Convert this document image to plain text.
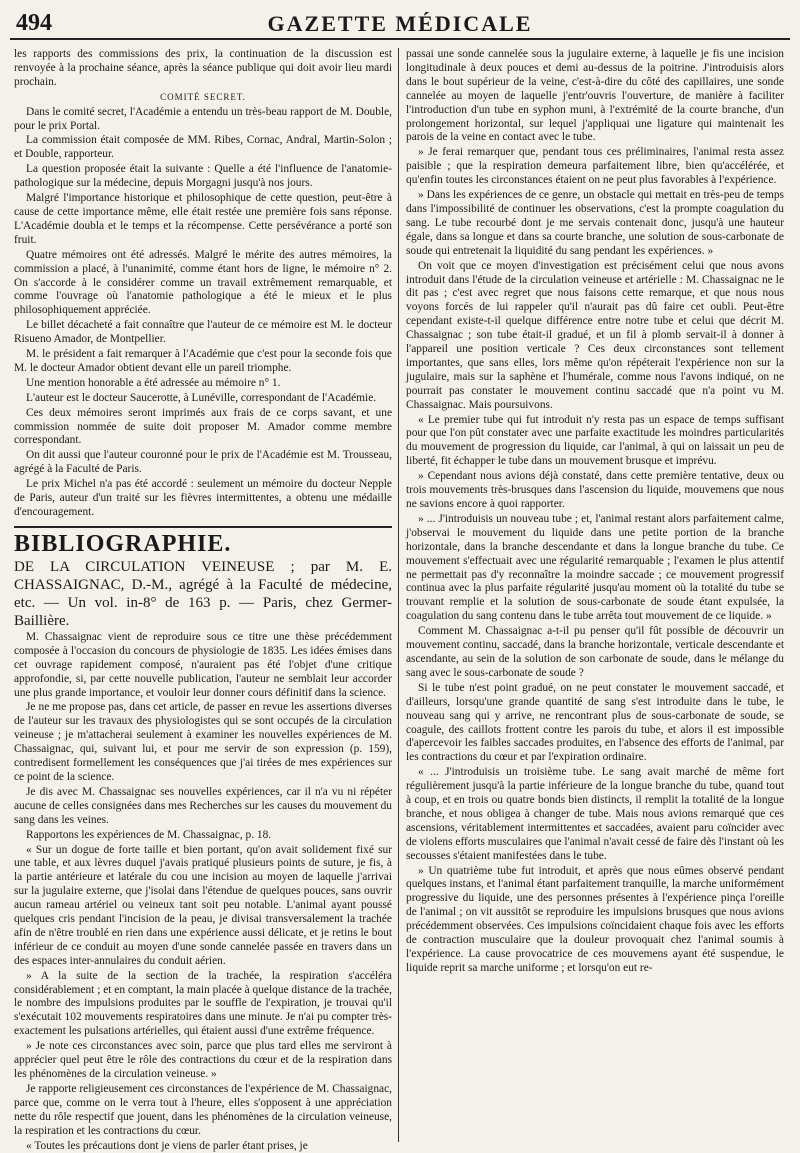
494	GAZETTE MÉDICALE

les rapports des commissions des prix, la continuation de la discussion est renvoyée à la prochaine séance, après la séance publique qui doit avoir lieu mardi prochain.

COMITÉ SECRET.

Dans le comité secret, l'Académie a entendu un très-beau rapport de M. Double, pour le prix Portal.

La commission était composée de MM. Ribes, Cornac, Andral, Martin-Solon ; et Double, rapporteur.

La question proposée était la suivante : Quelle a été l'influence de l'anatomie-pathologique sur la médecine, depuis Morgagni jusqu'à nos jours.

Malgré l'importance historique et philosophique de cette question, peut-être à cause de cette importance même, elle était restée une première fois sans réponse. L'Académie doubla et le temps et la récompense. Cette persévérance a porté son fruit.

Quatre mémoires ont été adressés. Malgré le mérite des autres mémoires, la commission a placé, à l'unanimité, comme étant hors de ligne, le mémoire n° 2. On s'accorde à le considérer comme un travail extrêmement remarquable, et comme l'ouvrage où l'anatomie pathologique a été le mieux et le plus philosophiquement appréciée.

Le billet décacheté a fait connaître que l'auteur de ce mémoire est M. le docteur Risueno Amador, de Montpellier.

M. le président a fait remarquer à l'Académie que c'est pour la seconde fois que M. le docteur Amador obtient devant elle un pareil triomphe.

Une mention honorable a été adressée au mémoire n° 1.

L'auteur est le docteur Saucerotte, à Lunéville, correspondant de l'Académie.

Ces deux mémoires seront imprimés aux frais de ce corps savant, et une commission nommée de suite doit proposer M. Amador comme membre correspondant.

On dit aussi que l'auteur couronné pour le prix de l'Académie est M. Trousseau, agrégé à la Faculté de Paris.

Le prix Michel n'a pas été accordé : seulement un mémoire du docteur Nepple de Paris, auteur d'un traité sur les fièvres intermittentes, a obtenu une médaille d'encouragement.

BIBLIOGRAPHIE.

DE LA CIRCULATION VEINEUSE ; par M. E. CHASSAIGNAC, D.-M., agrégé à la Faculté de médecine, etc. — Un vol. in-8° de 163 p. — Paris, chez Germer-Baillière.

M. Chassaignac vient de reproduire sous ce titre une thèse précédemment composée à l'occasion du concours de physiologie de 1835. Les idées émises dans cet ouvrage rapidement composé, n'auraient pas été l'objet d'une critique approfondie, si, par cette nouvelle publication, l'auteur ne semblait leur accorder une plus grande importance, et vouloir leur donner cours définitif dans la science.

Je ne me propose pas, dans cet article, de passer en revue les assertions diverses de l'auteur sur les travaux des physiologistes qui se sont occupés de la circulation veineuse ; je m'attacherai seulement à examiner les nouvelles expériences de M. Chassaignac, qui, suivant lui, et pour me servir de son expression (p. 159), contredisent formellement les conséquences que j'ai tirées de mes expériences sur ce point de la science.

Je dis avec M. Chassaignac ses nouvelles expériences, car il n'a vu ni répéter aucune de celles consignées dans mes Recherches sur les causes du mouvement du sang dans les veines.

Rapportons les expériences de M. Chassaignac, p. 18.

« Sur un dogue de forte taille et bien portant, qu'on avait solidement fixé sur une table, et aux lèvres duquel j'avais pratiqué plusieurs points de suture, je fis, à la partie antérieure et latérale du cou une incision au moyen de laquelle j'arrivai sur la jugulaire externe, que j'isolai dans l'étendue de quelques pouces, sans ouvrir aucun rameau artériel ou veineux tant soit peu notable. L'animal ayant poussé quelques cris pendant l'incision de la peau, je divisai transversalement la trachée afin de n'être troublé en rien dans une expérience aussi délicate, et je retins le bout inférieur de ce conduit au moyen d'une sonde cannelée passée en travers dans un des espaces inter-annulaires du conduit aérien.

» A la suite de la section de la trachée, la respiration s'accéléra considérablement ; et en comptant, la main placée à quelque distance de la trachée, le nombre des impulsions produites par le souffle de l'expiration, je trouvai qu'il s'exécutait 102 mouvements respiratoires dans une minute. Je n'ai pu compter très-exactement les pulsations artérielles, qui étaient aussi d'une extrême fréquence.

» Je note ces circonstances avec soin, parce que plus tard elles me serviront à apprécier quel peut être le rôle des contractions du cœur et de la respiration dans les phénomènes de la circulation veineuse. »

Je rapporte religieusement ces circonstances de l'expérience de M. Chassaignac, parce que, comme on le verra tout à l'heure, elles s'opposent à une appréciation nette du rôle respectif que jouent, dans les phénomènes de la circulation veineuse, la respiration et les contractions du cœur.

« Toutes les précautions dont je viens de parler étant prises, je

passai une sonde cannelée sous la jugulaire externe, à laquelle je fis une incision longitudinale à deux pouces et demi au-dessus de la poitrine. J'introduisis alors dans le bout supérieur de la veine, c'est-à-dire du côté des capillaires, une sonde cannelée au moyen de laquelle j'entr'ouvris l'ouverture, de manière à faciliter l'introduction d'un tube en syphon muni, à l'extrémité de la courte branche, d'un prolongement horizontal, sur lequel j'appliquai une ligature qui maintenait les parois de la veine en contact avec le tube.

» Je ferai remarquer que, pendant tous ces préliminaires, l'animal resta assez paisible ; que la respiration demeura parfaitement libre, bien qu'accélérée, et qu'enfin toutes les circonstances étaient on ne peut plus favorables à l'expérience.

» Dans les expériences de ce genre, un obstacle qui mettait en très-peu de temps dans l'impossibilité de continuer les observations, c'est la prompte coagulation du sang. Le tube recourbé dont je me servais contenait donc, jusqu'à une hauteur égale, dans sa longue et dans sa courte branche, une solution de sous-carbonate de soude qui entretenait la liquidité du sang pendant les expériences. »

On voit que ce moyen d'investigation est précisément celui que nous avons introduit dans l'étude de la circulation veineuse et artérielle : M. Chassaignac ne le dit pas ; c'est avec regret que nous faisons cette remarque, et que nous nous voyons forcés de lui rappeler qu'il n'aurait pas dû faire cet oubli. Peut-être cependant existe-t-il quelque différence entre notre tube et celui que décrit M. Chassaignac ; son tube était-il gradué, et un fil à plomb servait-il à donner à l'appareil une position verticale ? Ces deux circonstances sont tellement importantes, que sans elles, lors même qu'on répéterait l'expérience non sur la jugulaire, mais sur la saphène et l'humérale, comme nous l'avons indiqué, on ne pourrait pas constater le mouvement continu saccadé que n'a point vu M. Chassaignac. Mais poursuivons.

« Le premier tube qui fut introduit n'y resta pas un espace de temps suffisant pour que l'on pût constater avec une parfaite exactitude les moindres particularités du mouvement de progression du liquide, car l'animal, à qui on laissait un peu de liberté, fit échapper le tube dans un mouvement brusque et imprévu.

» Cependant nous avions déjà constaté, dans cette première tentative, deux ou trois mouvements très-brusques dans l'ascension du liquide, mouvemens que nous ne savions encore à quoi rapporter.

» ... J'introduisis un nouveau tube ; et, l'animal restant alors parfaitement calme, j'observai le mouvement du liquide dans une petite portion de la branche horizontale, dans la branche descendante et dans la longue branche du tube. Ce mouvement s'effectuait avec une régularité remarquable ; l'examen le plus attentif ne permettait pas d'y reconnaître la moindre saccade ; ce mouvement progressif continua avec la plus parfaite régularité jusqu'au moment où la totalité du tube se trouvant remplie et la solution de sous-carbonate de soude étant expulsée, la coagulation du sang contenu dans le tube arrêta tout mouvement de ce liquide. »

Comment M. Chassaignac a-t-il pu penser qu'il fût possible de découvrir un mouvement continu, saccadé, dans la branche horizontale, verticale descendante et ascendante, au sein de la solution de son carbonate de soude, dans le mélange du sang avec le sous-carbonate de soude ?

Si le tube n'est point gradué, on ne peut constater le mouvement saccadé, et d'ailleurs, lorsqu'une grande quantité de sang s'est introduite dans le tube, le nouveau sang qui y arrive, ne rencontrant plus de sous-carbonate de soude, se coagule, des caillots frottent contre les parois du tube, et alors il est impossible d'apercevoir les faibles saccades produites, en l'absence des efforts de l'animal, par les contractions du cœur et par l'expiration ordinaire.

« ... J'introduisis un troisième tube. Le sang avait marché de même fort régulièrement jusqu'à la partie inférieure de la longue branche du tube, quand tout à coup, et en trois ou quatre bonds bien distincts, il remplit la totalité de la longue branche, et nous obligea à changer de tube. Mais nous avions remarqué que ces ascensions, véritablement intermittentes et saccadées, avaient paru coïncider avec de violens efforts musculaires que l'animal n'avait cessé de faire dès l'instant où les secousses s'étaient manifestées dans le tube.

» Un quatrième tube fut introduit, et après que nous eûmes observé pendant quelques instans, et l'animal étant parfaitement tranquille, la marche uniformément progressive du liquide, une des personnes présentes à l'expérience pinça l'oreille de l'animal ; on vit aussitôt se reproduire les impulsions brusques que nous avions précédemment observées. Ces impulsions coïncidaient chaque fois avec les efforts de contraction musculaire que la douleur provoquait chez l'animal soumis à l'expérience. La cause provocatrice de ces mouvemens ayant été suspendue, le liquide reprit sa marche uniforme ; et lorsqu'on eut re-
